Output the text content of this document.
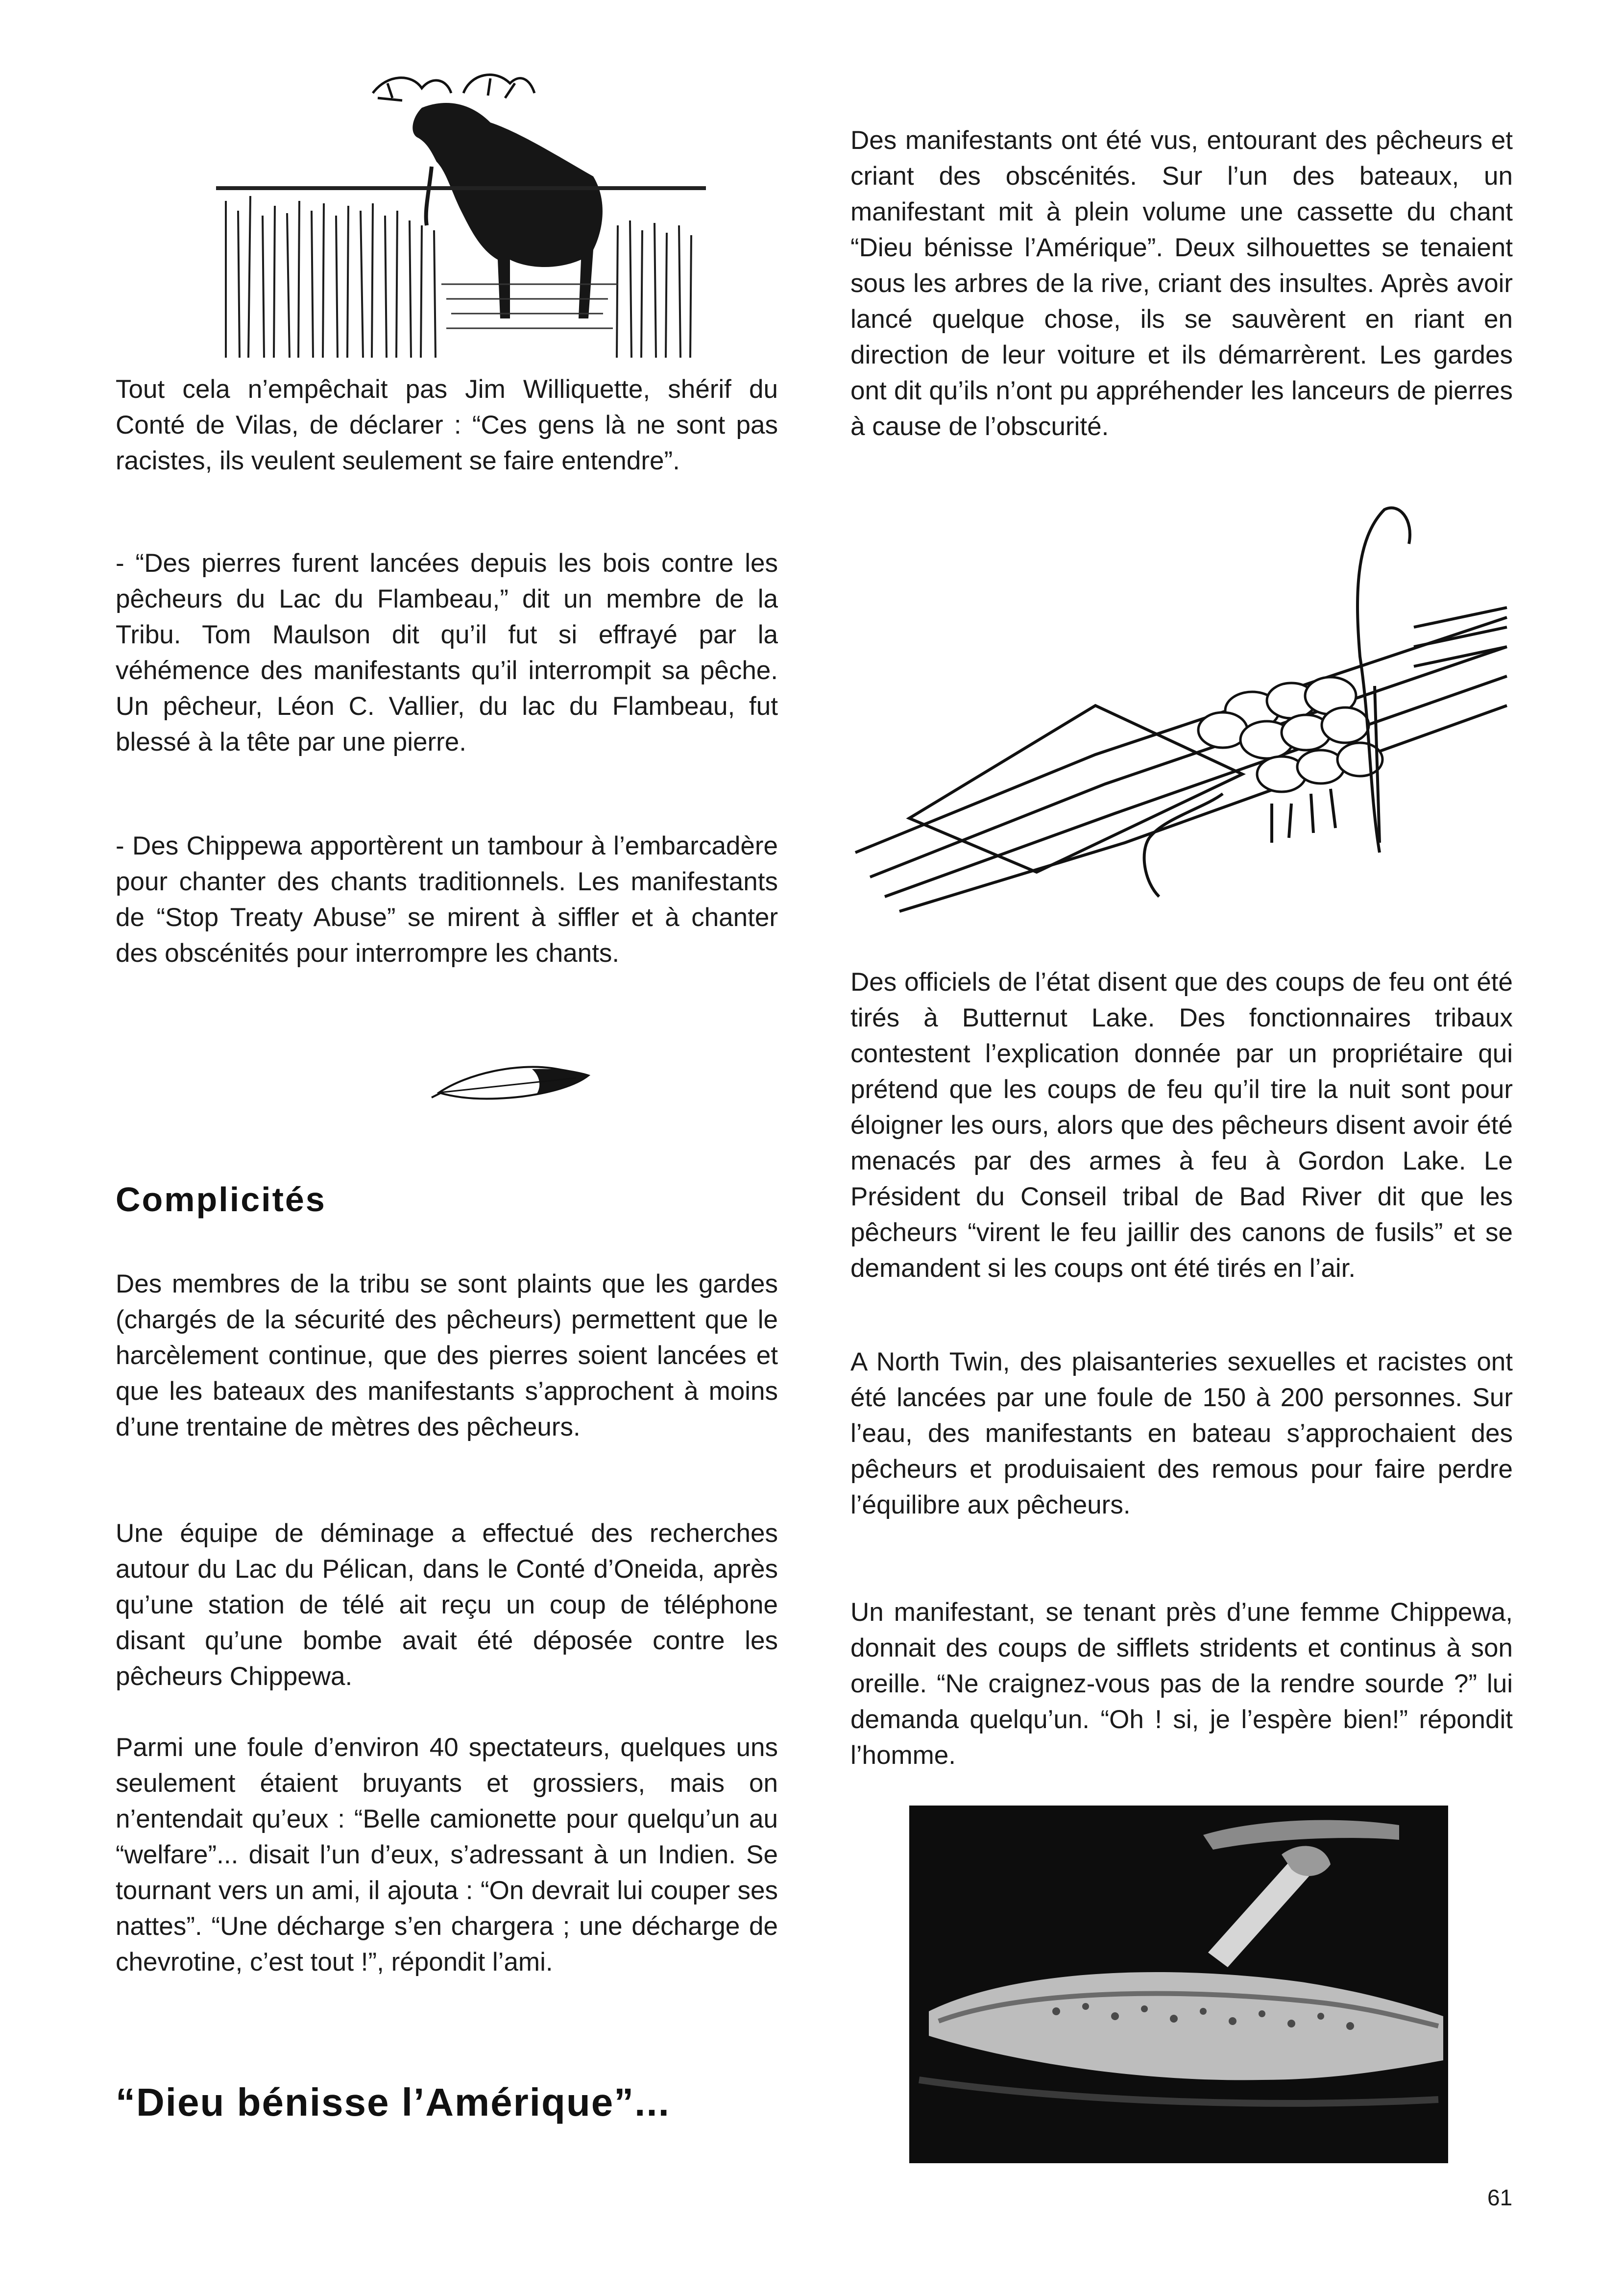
Tout cela n’empêchait pas Jim Williquette, shérif du Conté de Vilas, de déclarer : “Ces gens là ne sont pas racistes, ils veulent seulement se faire entendre”.

- “Des pierres furent lancées depuis les bois contre les pêcheurs du Lac du Flambeau,” dit un membre de la Tribu. Tom Maulson dit qu’il fut si effrayé par la véhémence des manifestants qu’il interrompit sa pêche. Un pêcheur, Léon C. Vallier, du lac du Flambeau, fut blessé à la tête par une pierre.

- Des Chippewa apportèrent un tambour à l’embarcadère pour chanter des chants traditionnels. Les manifestants de “Stop Treaty Abuse” se mirent à siffler et à chanter des obscénités pour interrompre les chants.

Complicités

Des membres de la tribu se sont plaints que les gardes (chargés de la sécurité des pêcheurs) permettent que le harcèlement continue, que des pierres soient lancées et que les bateaux des manifestants s’approchent à moins d’une trentaine de mètres des pêcheurs.

Une équipe de déminage a effectué des recherches autour du Lac du Pélican, dans le Conté d’Oneida, après qu’une station de télé ait reçu un coup de téléphone disant qu’une bombe avait été déposée contre les pêcheurs Chippewa.

Parmi une foule d’environ 40 spectateurs, quelques uns seulement étaient bruyants et grossiers, mais on n’entendait qu’eux : “Belle camionette pour quelqu’un au “welfare”... disait l’un d’eux, s’adressant à un Indien. Se tournant vers un ami, il ajouta : “On devrait lui couper ses nattes”. “Une décharge s’en chargera ; une décharge de chevrotine, c’est tout !”, répondit l’ami.

“Dieu bénisse l’Amérique”...

Des manifestants ont été vus, entourant des pêcheurs et criant des obscénités. Sur l’un des bateaux, un manifestant mit à plein volume une cassette du chant “Dieu bénisse l’Amérique”. Deux silhouettes se tenaient sous les arbres de la rive, criant des insultes. Après avoir lancé quelque chose, ils se sauvèrent en riant en direction de leur voiture et ils démarrèrent. Les gardes ont dit qu’ils n’ont pu appréhender les lanceurs de pierres à cause de l’obscurité.

Des officiels de l’état disent que des coups de feu ont été tirés à Butternut Lake. Des fonctionnaires tribaux contestent l’explication donnée par un propriétaire qui prétend que les coups de feu qu’il tire la nuit sont pour éloigner les ours, alors que des pêcheurs disent avoir été menacés par des armes à feu à Gordon Lake. Le Président du Conseil tribal de Bad River dit que les pêcheurs “virent le feu jaillir des canons de fusils” et se demandent si les coups ont été tirés en l’air.

A North Twin, des plaisanteries sexuelles et racistes ont été lancées par une foule de 150 à 200 personnes. Sur l’eau, des manifestants en bateau s’approchaient des pêcheurs et produisaient des remous pour faire perdre l’équilibre aux pêcheurs.

Un manifestant, se tenant près d’une femme Chippewa, donnait des coups de sifflets stridents et continus à son oreille. “Ne craignez-vous pas de la rendre sourde ?” lui demanda quelqu’un. “Oh ! si, je l’espère bien!” répondit l’homme.

61
